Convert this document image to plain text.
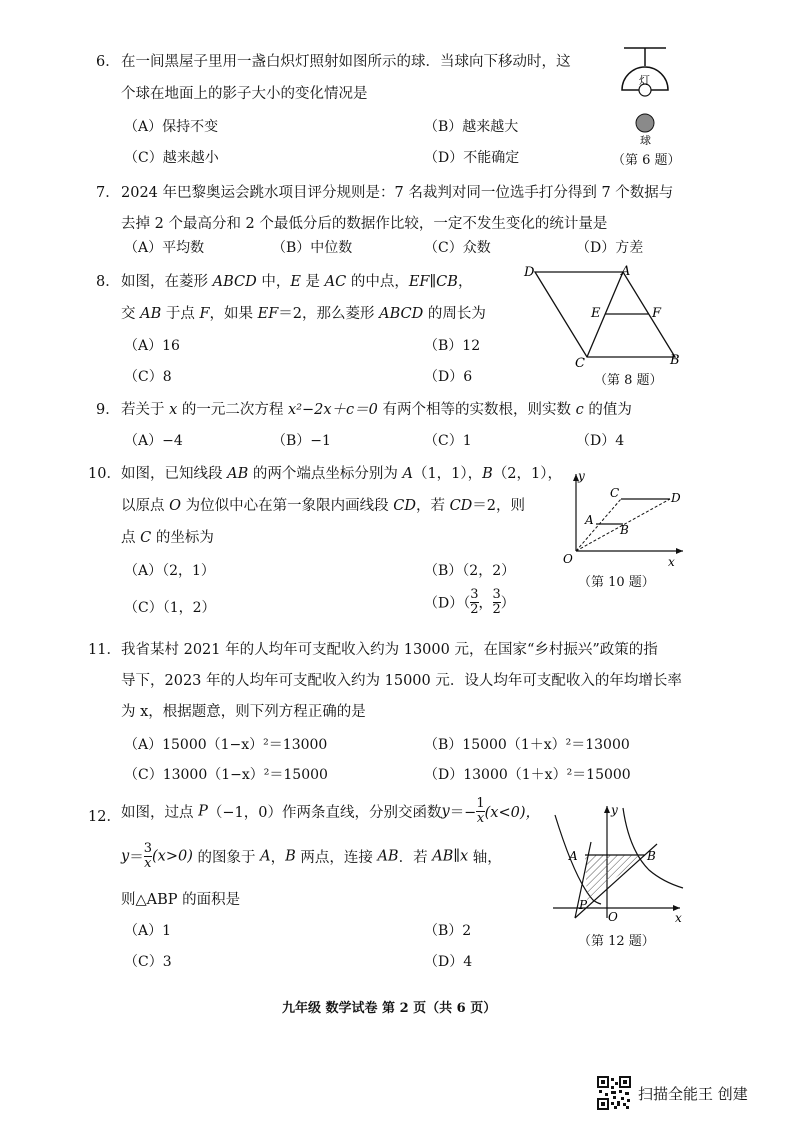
6． 在一间黑屋子里用一盏白炽灯照射如图所示的球．当球向下移动时，这
个球在地面上的影子大小的变化情况是
（A）保持不变	（B）越来越大
（C）越来越小	（D）不能确定
灯
球
（第 6 题）
7． 2024 年巴黎奥运会跳水项目评分规则是：7 名裁判对同一位选手打分得到 7 个数据与
去掉 2 个最高分和 2 个最低分后的数据作比较，一定不发生变化的统计量是
（A）平均数	（B）中位数	（C）众数	（D）方差
8． 如图，在菱形 ABCD 中，E 是 AC 的中点，EF∥CB，
交 AB 于点 F，如果 EF＝2，那么菱形 ABCD 的周长为
（A）16	（B）12
（C）8	（D）6
D	A
E	F
C	B
（第 8 题）
9． 若关于 x 的一元二次方程 x²−2x＋c＝0 有两个相等的实数根，则实数 c 的值为
（A）−4	（B）−1	（C）1	（D）4
10． 如图，已知线段 AB 的两个端点坐标分别为 A（1，1），B（2，1），
以原点 O 为位似中心在第一象限内画线段 CD，若 CD＝2，则
点 C 的坐标为
（A）（2，1）	（B）（2，2）
（C）（1，2）	$(D)( \frac{3}{2}$ ， $\frac{3}{2}$ ）
y
x
O
A
B
C	D
（第 10 题）
11． 我省某村 2021 年的人均年可支配收入约为 13000 元，在国家“乡村振兴”政策的指
导下，2023 年的人均年可支配收入约为 15000 元．设人均年可支配收入的年均增长率
为 x，根据题意，则下列方程正确的是
（A）15000（1−x）²＝13000	（B）15000（1＋x）²＝13000
（C）13000（1−x）²＝15000	（D）13000（1＋x）²＝15000
12． 如图，过点 P（−1，0）作两条直线，分别交函数$y=- \frac{1}{x} (x<0)$，
$y= \frac{3}{x} (x>0)$ 的图象于 A，B 两点，连接 AB．若 AB∥x 轴，
则△ABP 的面积是
（A）1	（B）2
（C）3	（D）4
y
x
O
A	B
P
（第 12 题）
九年级 数学试卷 第 2 页（共 6 页）
扫描全能王 创建
